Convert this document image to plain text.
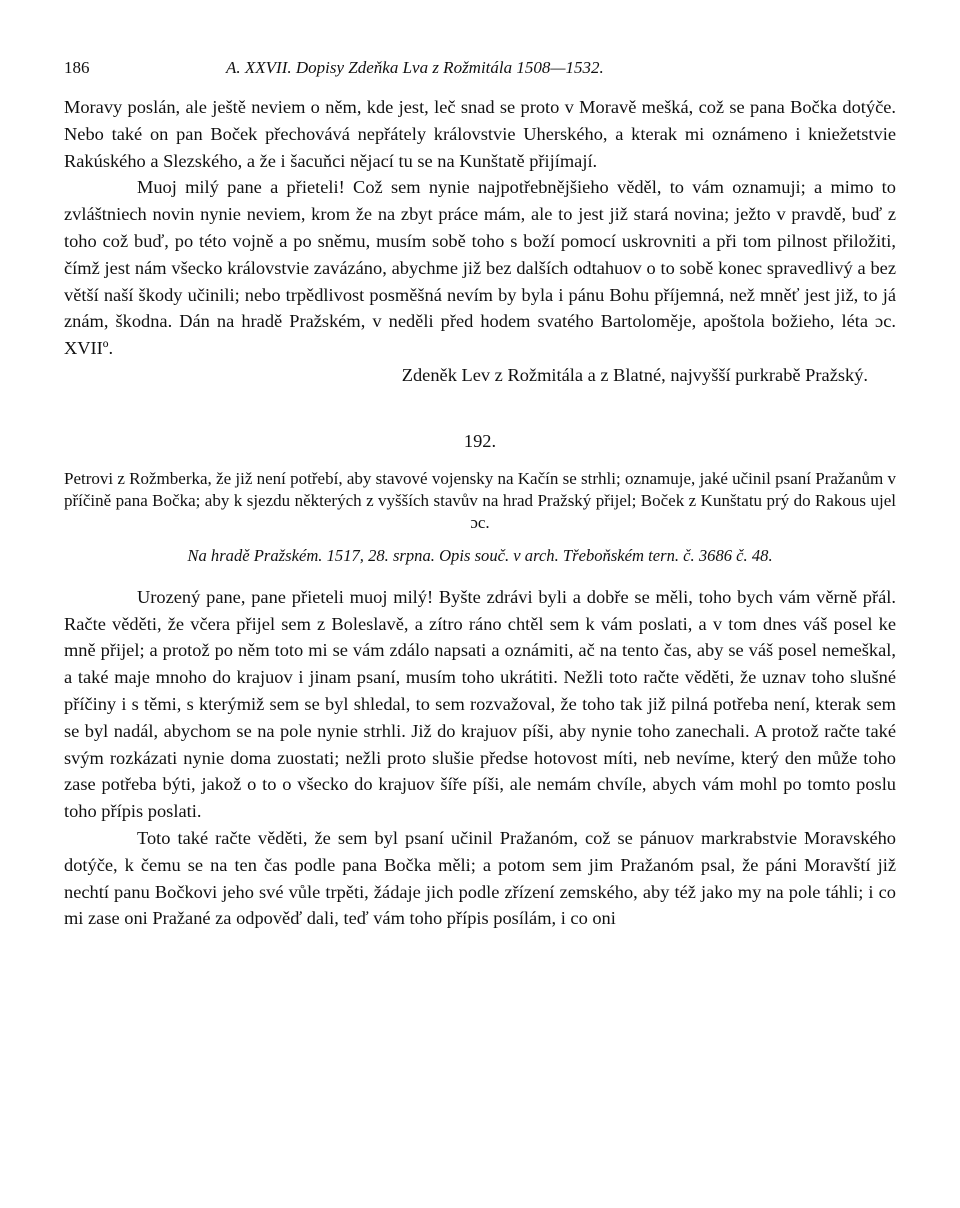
186	A. XXVII. Dopisy Zdeňka Lva z Rožmitála 1508—1532.

Moravy poslán, ale ještě neviem o něm, kde jest, leč snad se proto v Moravě mešká, což se pana Bočka dotýče. Nebo také on pan Boček přechovává nepřátely královstvie Uherského, a kterak mi oznámeno i kniežetstvie Rakúského a Slezského, a že i šacuňci nějací tu se na Kunštatě přijímají.

Muoj milý pane a přieteli! Což sem nynie najpotřebnějšieho věděl, to vám oznamuji; a mimo to zvláštniech novin nynie neviem, krom že na zbyt práce mám, ale to jest již stará novina; ježto v pravdě, buď z toho což buď, po této vojně a po sněmu, musím sobě toho s boží pomocí uskrovniti a při tom pilnost přiložiti, čímž jest nám všecko královstvie zavázáno, abychme již bez dalších odtahuov o to sobě konec spravedlivý a bez větší naší škody učinili; nebo trpědlivost posměšná nevím by byla i pánu Bohu příjemná, než mněť jest již, to já znám, škodna. Dán na hradě Pražském, v neděli před hodem svatého Bartoloměje, apoštola božieho, léta ɔc. XVIIº.

Zdeněk Lev z Rožmitála a z Blatné, najvyšší purkrabě Pražský.

192.

Petrovi z Rožmberka, že již není potřebí, aby stavové vojensky na Kačín se strhli; oznamuje, jaké učinil psaní Pražanům v příčině pana Bočka; aby k sjezdu některých z vyšších stavův na hrad Pražský přijel; Boček z Kunštatu prý do Rakous ujel ɔc.

Na hradě Pražském. 1517, 28. srpna. Opis souč. v arch. Třeboňském tern. č. 3686 č. 48.

Urozený pane, pane přieteli muoj milý! Byšte zdrávi byli a dobře se měli, toho bych vám věrně přál. Račte věděti, že včera přijel sem z Boleslavě, a zítro ráno chtěl sem k vám poslati, a v tom dnes váš posel ke mně přijel; a protož po něm toto mi se vám zdálo napsati a oznámiti, ač na tento čas, aby se váš posel nemeškal, a také maje mnoho do krajuov i jinam psaní, musím toho ukrátiti. Nežli toto račte věděti, že uznav toho slušné příčiny i s těmi, s kterýmiž sem se byl shledal, to sem rozvažoval, že toho tak již pilná potřeba není, kterak sem se byl nadál, abychom se na pole nynie strhli. Již do krajuov píši, aby nynie toho zanechali. A protož račte také svým rozkázati nynie doma zuostati; nežli proto slušie předse hotovost míti, neb nevíme, který den může toho zase potřeba býti, jakož o to o všecko do krajuov šíře píši, ale nemám chvíle, abych vám mohl po tomto poslu toho přípis poslati.

Toto také račte věděti, že sem byl psaní učinil Pražanóm, což se pánuov markrabstvie Moravského dotýče, k čemu se na ten čas podle pana Bočka měli; a potom sem jim Pražanóm psal, že páni Moravští již nechtí panu Bočkovi jeho své vůle trpěti, žádaje jich podle zřízení zemského, aby též jako my na pole táhli; i co mi zase oni Pražané za odpověď dali, teď vám toho přípis posílám, i co oni
